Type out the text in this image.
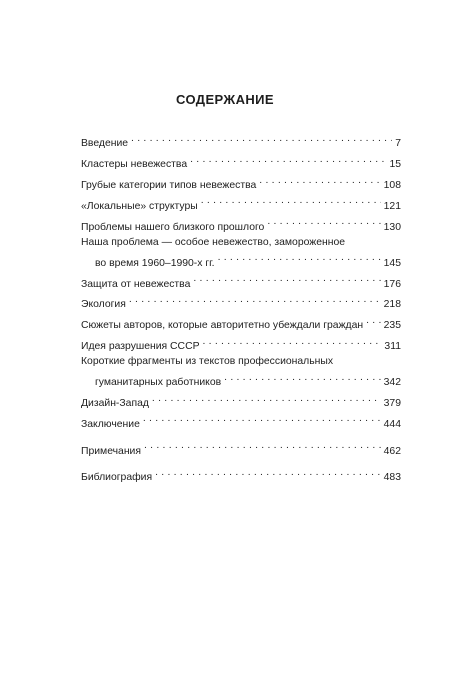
СОДЕРЖАНИЕ
Введение . . .	7
Кластеры невежества . . .	15
Грубые категории типов невежества . . .	108
«Локальные» структуры . . .	121
Проблемы нашего близкого прошлого . . .	130
Наша проблема — особое невежество, замороженное
во время 1960–1990-х гг. . . .	145
Защита от невежества . . .	176
Экология . . .	218
Сюжеты авторов, которые авторитетно убеждали граждан . . . 235
Идея разрушения СССР . . .	311
Короткие фрагменты из текстов профессиональных
гуманитарных работников . . .	342
Дизайн-Запад . . .	379
Заключение . . .	444
Примечания . . .	462
Библиография . . .	483
